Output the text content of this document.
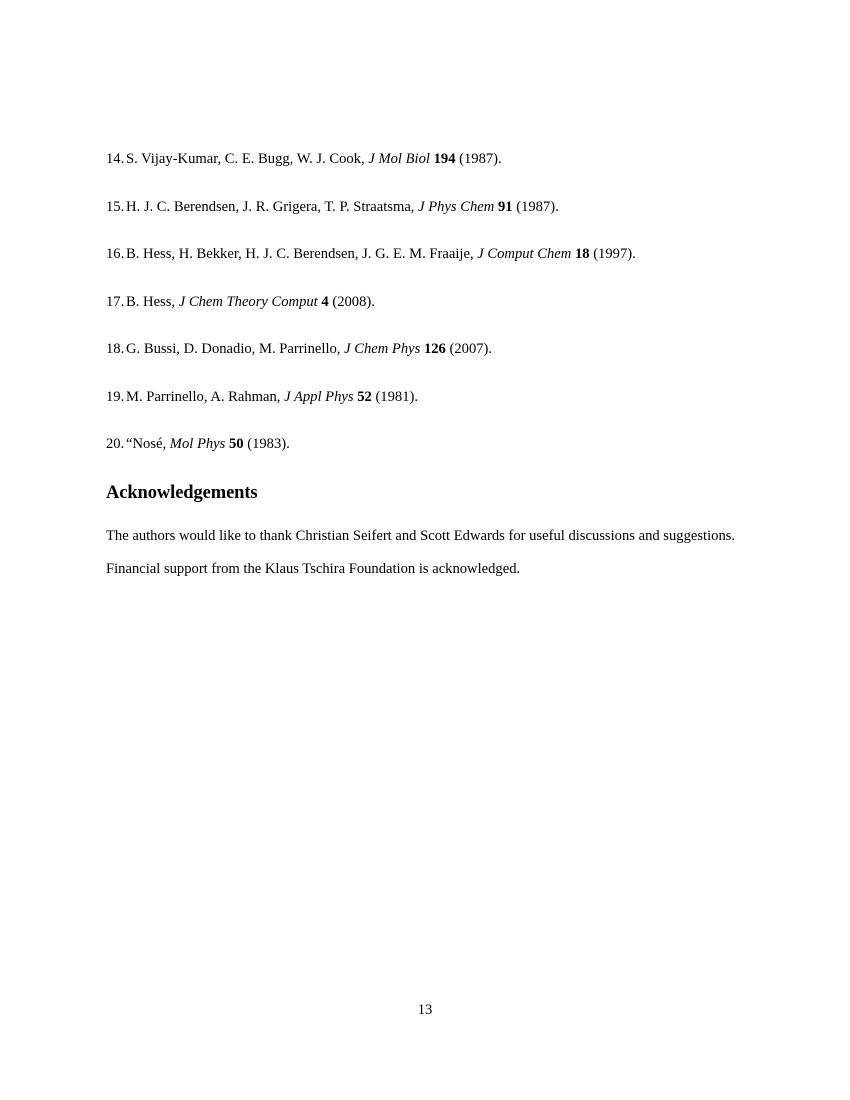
14. S. Vijay-Kumar, C. E. Bugg, W. J. Cook, J Mol Biol 194 (1987).
15. H. J. C. Berendsen, J. R. Grigera, T. P. Straatsma, J Phys Chem 91 (1987).
16. B. Hess, H. Bekker, H. J. C. Berendsen, J. G. E. M. Fraaije, J Comput Chem 18 (1997).
17. B. Hess, J Chem Theory Comput 4 (2008).
18. G. Bussi, D. Donadio, M. Parrinello, J Chem Phys 126 (2007).
19. M. Parrinello, A. Rahman, J Appl Phys 52 (1981).
20. “Nosé, Mol Phys 50 (1983).
Acknowledgements

The authors would like to thank Christian Seifert and Scott Edwards for useful discussions and suggestions. Financial support from the Klaus Tschira Foundation is acknowledged.

13
